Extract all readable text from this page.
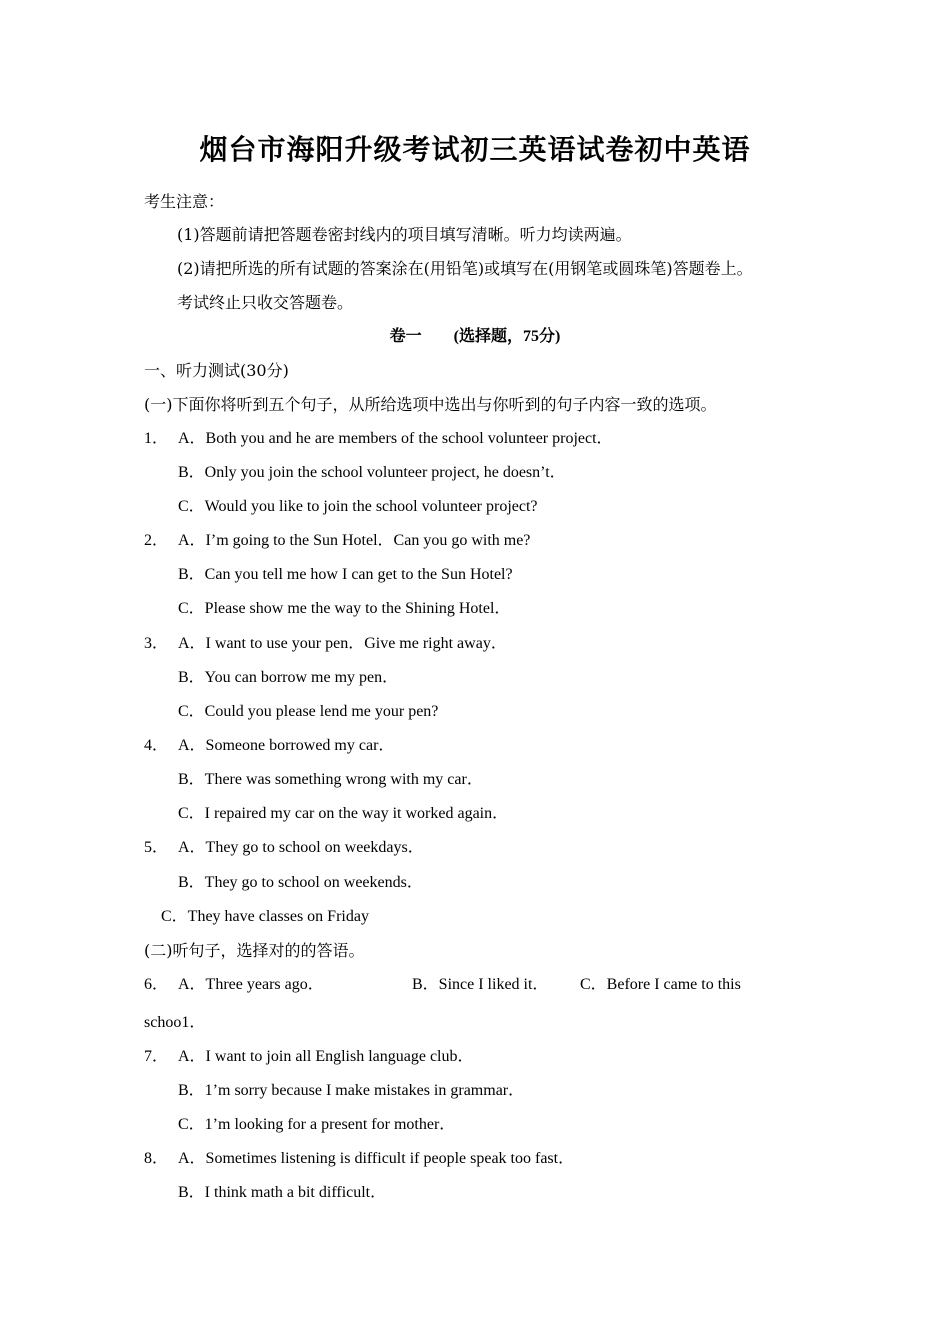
烟台市海阳升级考试初三英语试卷初中英语
考生注意：
(1)答题前请把答题卷密封线内的项目填写清晰。听力均读两遍。
(2)请把所选的所有试题的答案涂在(用铅笔)或填写在(用钢笔或圆珠笔)答题卷上。
考试终止只收交答题卷。
卷一　　(选择题，75分)
一、听力测试(30分)
(一)下面你将听到五个句子，从所给选项中选出与你听到的句子内容一致的选项。
1． A．Both you and he are members of the school volunteer project．
B．Only you join the school volunteer project, he doesn’t．
C．Would you like to join the school volunteer project?
2． A．I’m going to the Sun Hotel．Can you go with me?
B．Can you tell me how I can get to the Sun Hotel?
C．Please show me the way to the Shining Hotel．
3． A．I want to use your pen．Give me right away．
B．You can borrow me my pen．
C．Could you please lend me your pen?
4． A．Someone borrowed my car．
B．There was something wrong with my car．
C．I repaired my car on the way it worked again．
5． A．They go to school on weekdays．
B．They go to school on weekends．
C．They have classes on Friday
(二)听句子，选择对的的答语。
6． A．Three years ago．	B．Since I liked it． C．Before I came to this
schoo1．
7． A．I want to join all English language club．
B．1’m sorry because I make mistakes in grammar．
C．1’m looking for a present for mother．
8． A．Sometimes listening is difficult if people speak too fast．
B．I think math a bit difficult．
